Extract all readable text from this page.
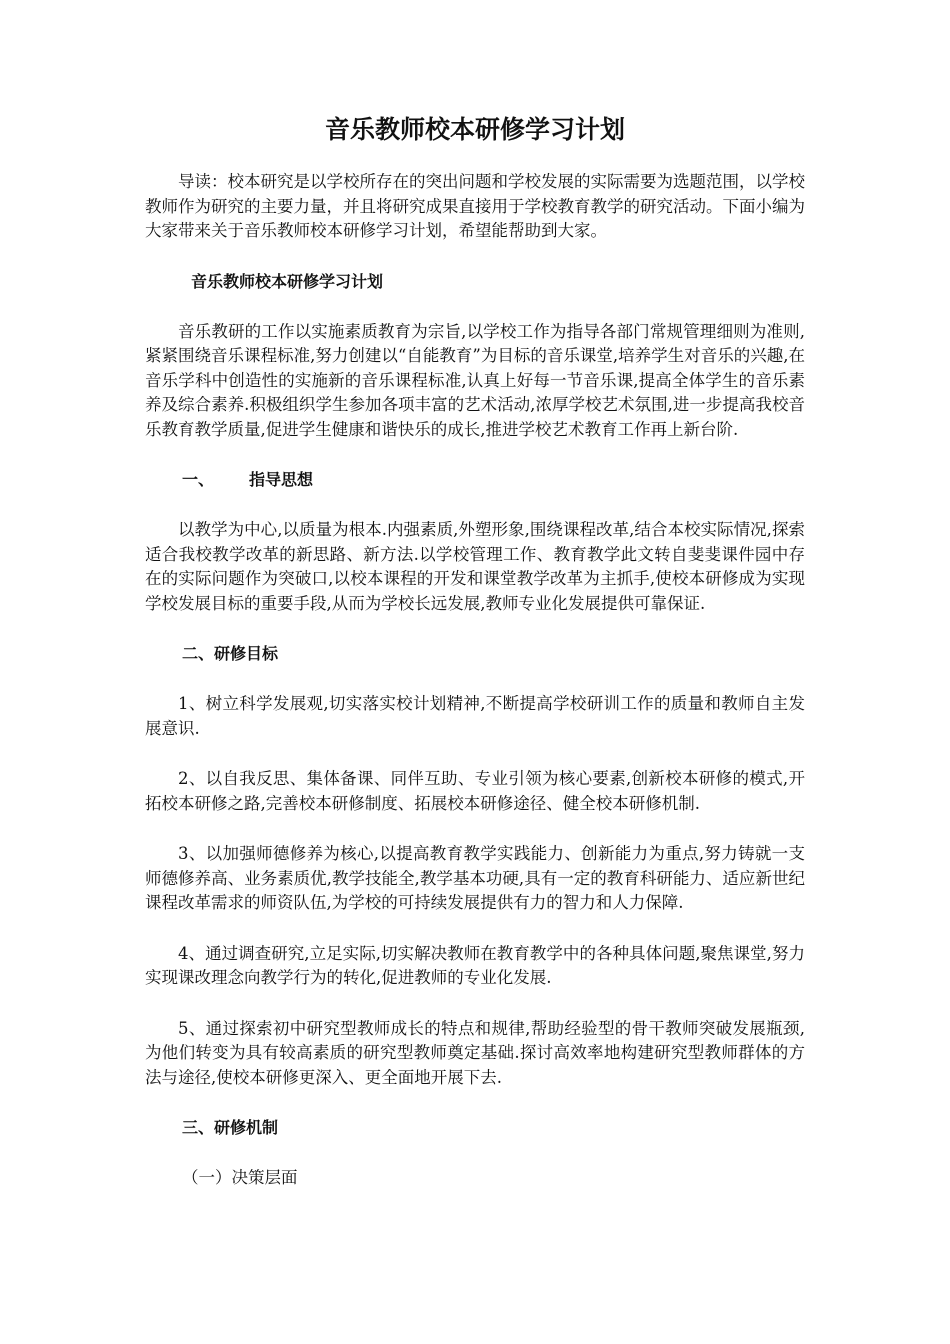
音乐教师校本研修学习计划

导读：校本研究是以学校所存在的突出问题和学校发展的实际需要为选题范围，以学校教师作为研究的主要力量，并且将研究成果直接用于学校教育教学的研究活动。下面小编为大家带来关于音乐教师校本研修学习计划，希望能帮助到大家。

音乐教师校本研修学习计划

音乐教研的工作以实施素质教育为宗旨,以学校工作为指导各部门常规管理细则为准则,紧紧围绕音乐课程标准,努力创建以“自能教育”为目标的音乐课堂,培养学生对音乐的兴趣,在音乐学科中创造性的实施新的音乐课程标准,认真上好每一节音乐课,提高全体学生的音乐素养及综合素养.积极组织学生参加各项丰富的艺术活动,浓厚学校艺术氛围,进一步提高我校音乐教育教学质量,促进学生健康和谐快乐的成长,推进学校艺术教育工作再上新台阶.

一、 指导思想

以教学为中心,以质量为根本.内强素质,外塑形象,围绕课程改革,结合本校实际情况,探索适合我校教学改革的新思路、新方法.以学校管理工作、教育教学此文转自斐斐课件园中存在的实际问题作为突破口,以校本课程的开发和课堂教学改革为主抓手,使校本研修成为实现学校发展目标的重要手段,从而为学校长远发展,教师专业化发展提供可靠保证.

二、研修目标

1、树立科学发展观,切实落实校计划精神,不断提高学校研训工作的质量和教师自主发展意识.

2、以自我反思、集体备课、同伴互助、专业引领为核心要素,创新校本研修的模式,开拓校本研修之路,完善校本研修制度、拓展校本研修途径、健全校本研修机制.

3、以加强师德修养为核心,以提高教育教学实践能力、创新能力为重点,努力铸就一支师德修养高、业务素质优,教学技能全,教学基本功硬,具有一定的教育科研能力、适应新世纪课程改革需求的师资队伍,为学校的可持续发展提供有力的智力和人力保障.

4、通过调查研究,立足实际,切实解决教师在教育教学中的各种具体问题,聚焦课堂,努力实现课改理念向教学行为的转化,促进教师的专业化发展.

5、通过探索初中研究型教师成长的特点和规律,帮助经验型的骨干教师突破发展瓶颈,为他们转变为具有较高素质的研究型教师奠定基础.探讨高效率地构建研究型教师群体的方法与途径,使校本研修更深入、更全面地开展下去.

三、研修机制
（一）决策层面
